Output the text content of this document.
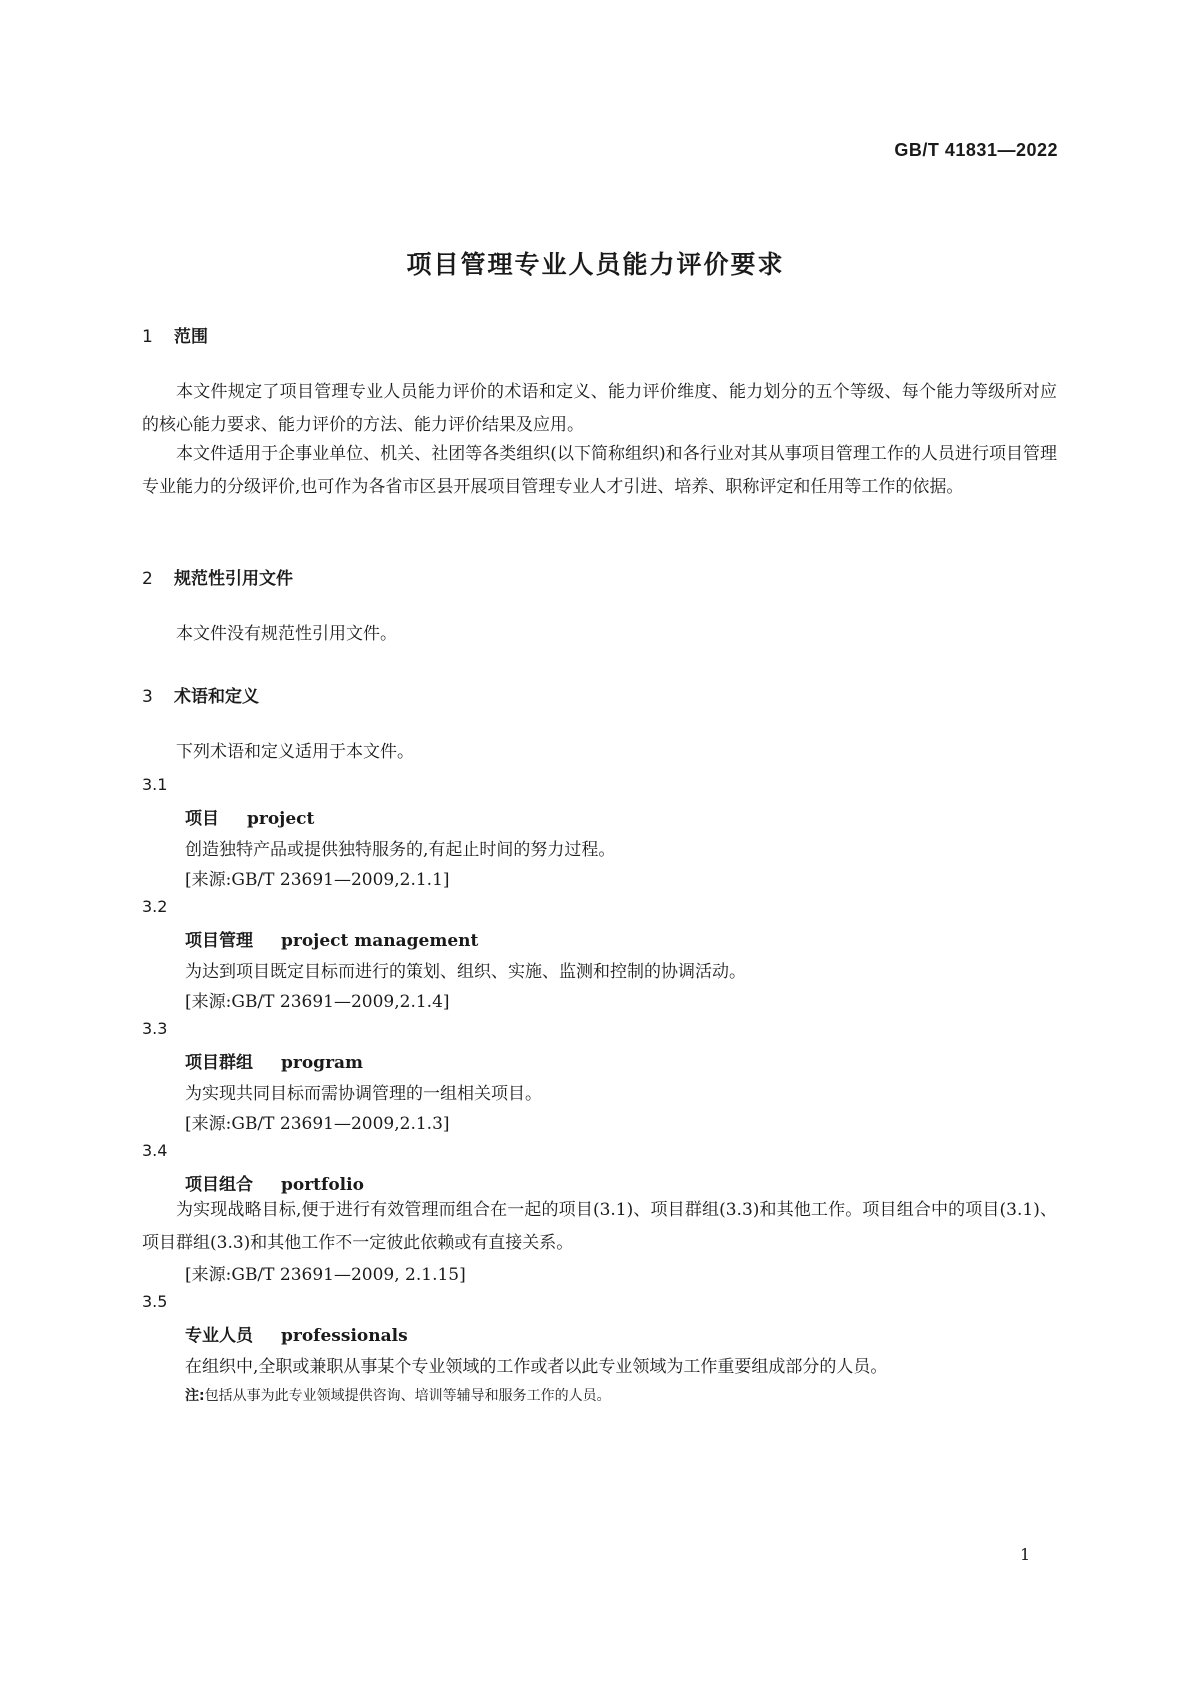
GB/T 41831—2022
项目管理专业人员能力评价要求
1 范围
本文件规定了项目管理专业人员能力评价的术语和定义、能力评价维度、能力划分的五个等级、每个能力等级所对应的核心能力要求、能力评价的方法、能力评价结果及应用。
本文件适用于企事业单位、机关、社团等各类组织(以下简称组织)和各行业对其从事项目管理工作的人员进行项目管理专业能力的分级评价,也可作为各省市区县开展项目管理专业人才引进、培养、职称评定和任用等工作的依据。
2 规范性引用文件
本文件没有规范性引用文件。
3 术语和定义
下列术语和定义适用于本文件。
3.1
项目 project
创造独特产品或提供独特服务的,有起止时间的努力过程。
[来源:GB/T 23691—2009,2.1.1]
3.2
项目管理 project management
为达到项目既定目标而进行的策划、组织、实施、监测和控制的协调活动。
[来源:GB/T 23691—2009,2.1.4]
3.3
项目群组 program
为实现共同目标而需协调管理的一组相关项目。
[来源:GB/T 23691—2009,2.1.3]
3.4
项目组合 portfolio
为实现战略目标,便于进行有效管理而组合在一起的项目(3.1)、项目群组(3.3)和其他工作。项目组合中的项目(3.1)、项目群组(3.3)和其他工作不一定彼此依赖或有直接关系。
[来源:GB/T 23691—2009, 2.1.15]
3.5
专业人员 professionals
在组织中,全职或兼职从事某个专业领域的工作或者以此专业领域为工作重要组成部分的人员。
注:包括从事为此专业领域提供咨询、培训等辅导和服务工作的人员。
1
